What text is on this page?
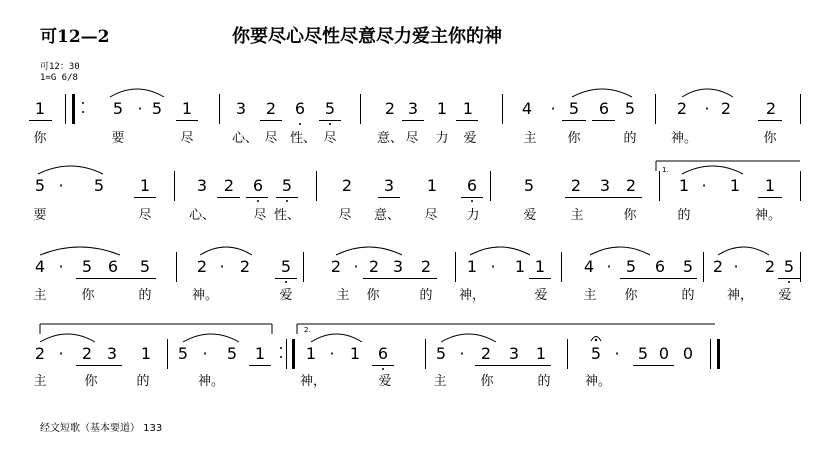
可12—2	你要尽心尽性尽意尽力爱主你的神
可12：30
1=G 6/8
1.
2.
经文短歌（基本要道） 133
1	5 · 5 1	3 2 6 5	2 3 1 1	4 · 5 6 5	2 · 2 2
你	要	尽	心、 尽 性、 尽	意、 尽 力 爱	主 你	的	神。	你
5 · 5 1	3 2 6 5	2 3 1 6	5 2 3 2	1 · 1 1
要	尽	心、	尽 性、	尽 意、 尽 力	爱	主	你	的	神。
4 · 5 6 5	2 · 2 5 2 · 2 3 2 1 · 1 1 4 · 5 6 5 2 · 2 5
主	你	的	神。	爱	主 你	的 神，	爱	主 你	的 神， 爱
2 · 2 3 1 5 · 5 1	1 · 1 6	5 · 2 3 1	5 · 5 0 0
主	你	的	神。	神，	爱	主	你	的	神。
